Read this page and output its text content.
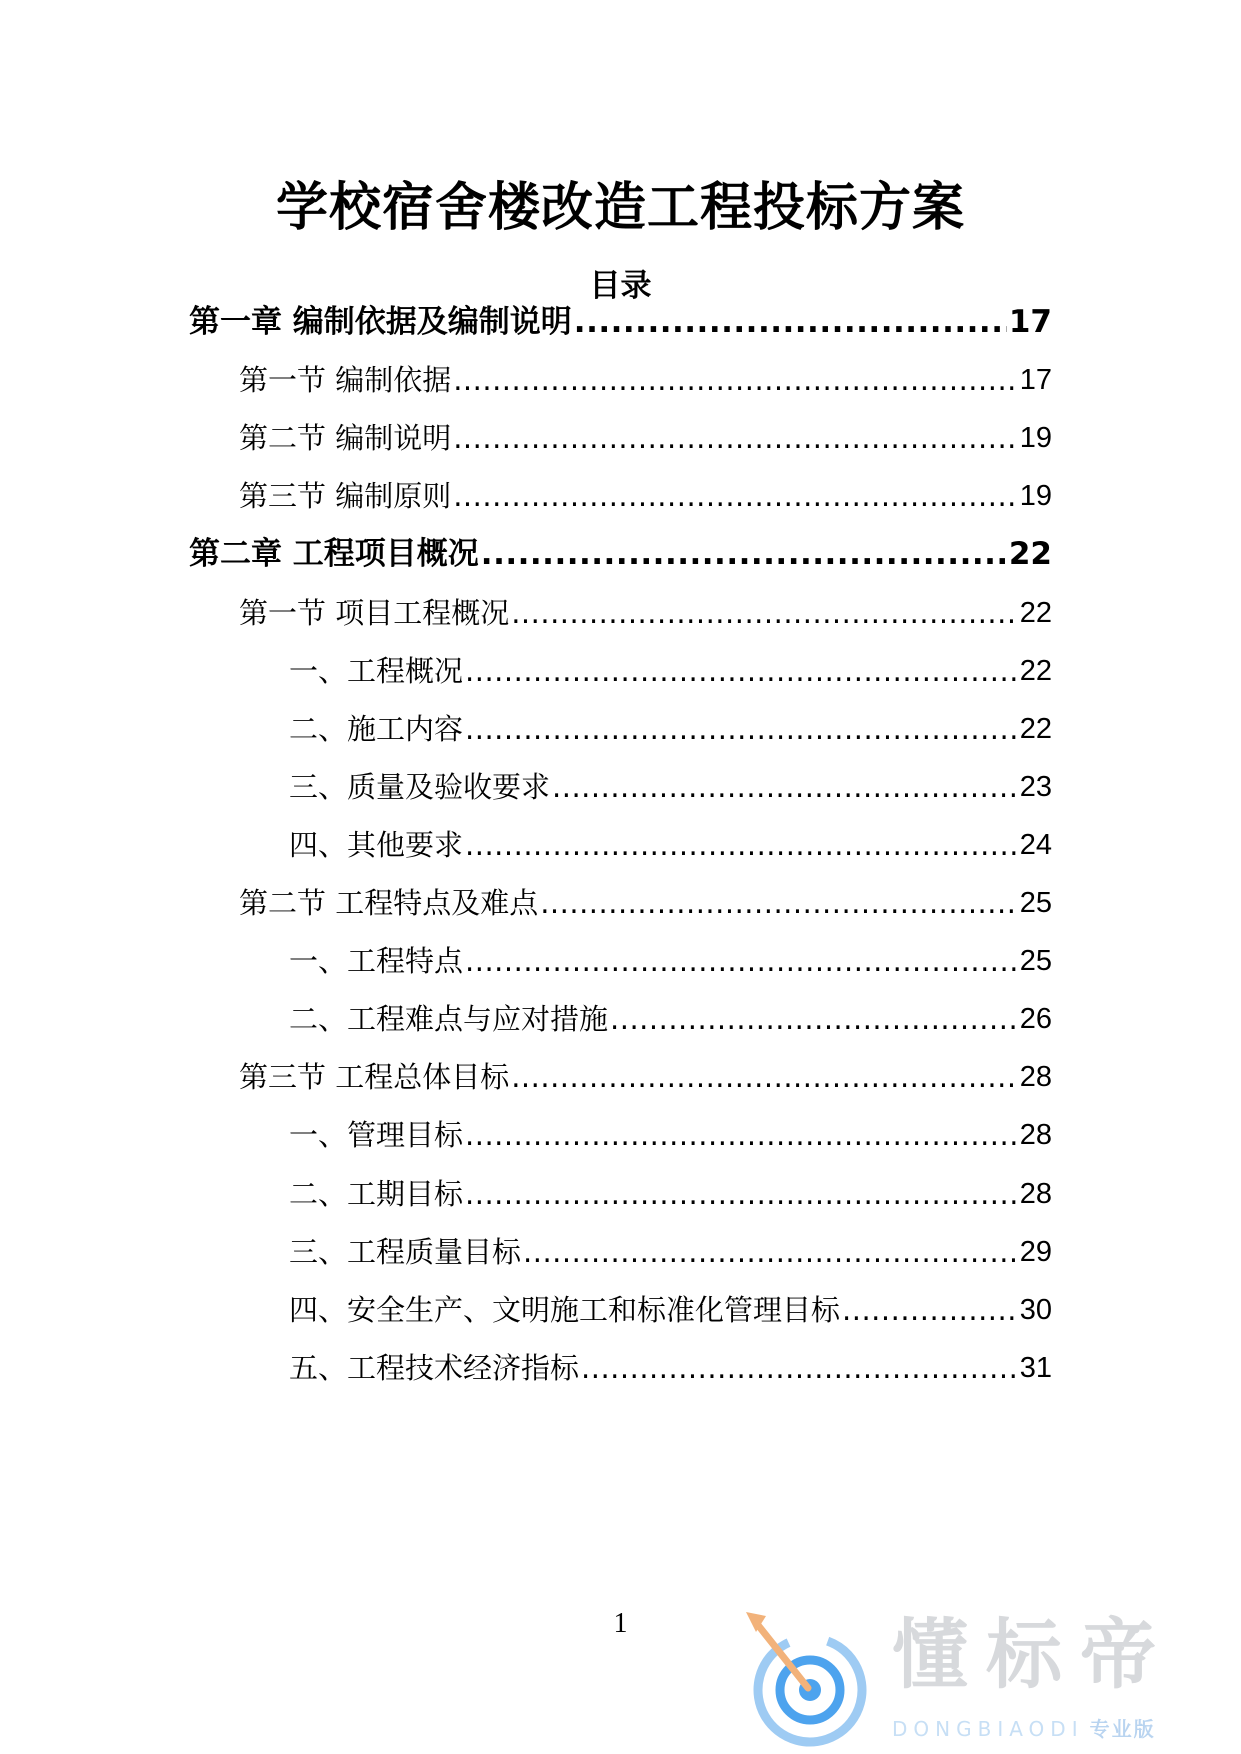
学校宿舍楼改造工程投标方案
目录
第一章 编制依据及编制说明 .....	17
第一节 编制依据 .....	17
第二节 编制说明 .....	19
第三节 编制原则 .....	19
第二章 工程项目概况 .....	22
第一节 项目工程概况 .....	22
一、工程概况 .....	22
二、施工内容 .....	22
三、质量及验收要求 .....	23
四、其他要求 .....	24
第二节 工程特点及难点 .....	25
一、工程特点 .....	25
二、工程难点与应对措施 .....	26
第三节 工程总体目标 .....	28
一、管理目标 .....	28
二、工期目标 .....	28
三、工程质量目标 .....	29
四、安全生产、文明施工和标准化管理目标 .....	30
五、工程技术经济指标 .....	31
1	懂标帝
DONGBIAODI 专业版
